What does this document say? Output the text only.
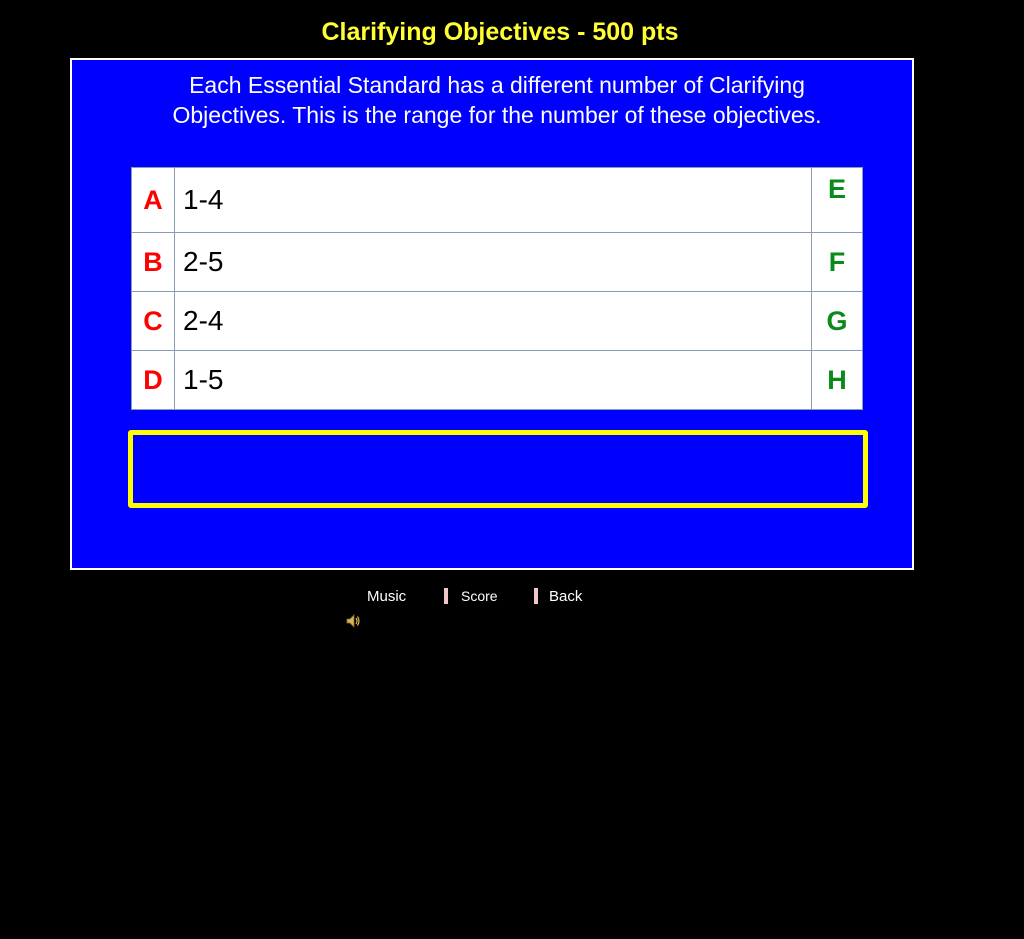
Clarifying Objectives - 500 pts
Each Essential Standard has a different number of Clarifying Objectives. This is the range for the number of these objectives.
A	1-4	E
B	2-5	F
C	2-4	G
D	1-5	H
Music	Score	Back
